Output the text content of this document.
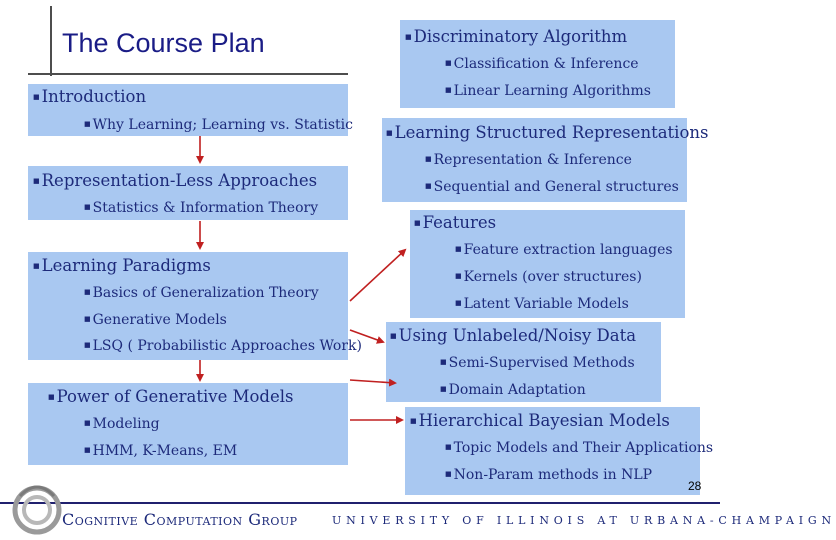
The Course Plan
■ Introduction
■ Why Learning; Learning vs. Statistic
■ Representation-Less Approaches
■ Statistics & Information Theory
■ Learning Paradigms
■ Basics of Generalization Theory
■ Generative Models
■ LSQ ( Probabilistic Approaches Work)
■ Power of Generative Models
■ Modeling
■ HMM, K-Means, EM
■ Discriminatory Algorithm
■ Classification & Inference
■ Linear Learning Algorithms
■ Learning Structured Representations
■ Representation & Inference
■ Sequential and General structures
■ Features
■ Feature extraction languages
■ Kernels (over structures)
■ Latent Variable Models
■ Using Unlabeled/Noisy Data
■ Semi-Supervised Methods
■ Domain Adaptation
■ Hierarchical Bayesian Models
■ Topic Models and Their Applications
■ Non-Param methods in NLP
28
Cognitive Computation Group	UNIVERSITY OF ILLINOIS AT URBANA-CHAMPAIGN
